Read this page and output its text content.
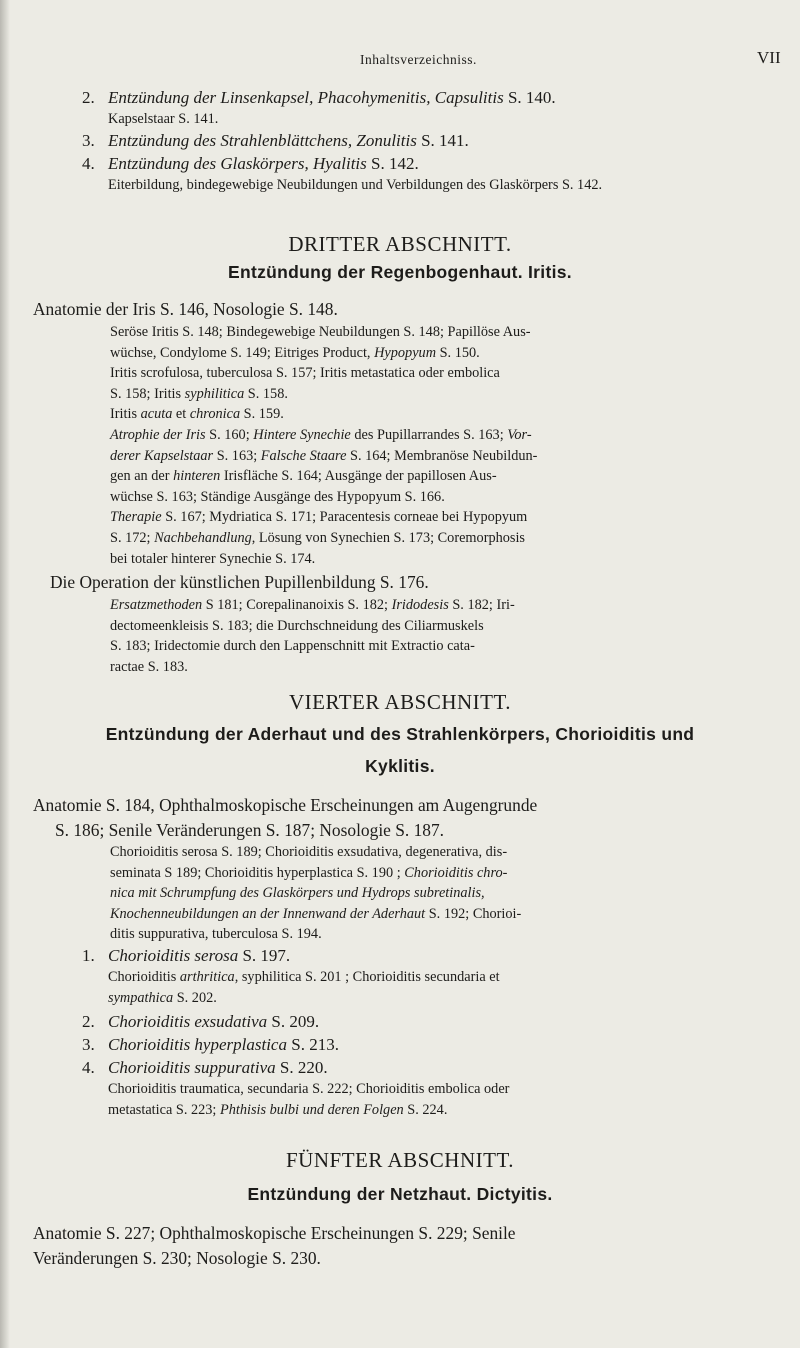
Inhaltsverzeichniss.	VII
2. Entzündung der Linsenkapsel, Phacohymenitis, Capsulitis S. 140.
Kapselstaar S. 141.
3. Entzündung des Strahlenblättchens, Zonulitis S. 141.
4. Entzündung des Glaskörpers, Hyalitis S. 142.
Eiterbildung, bindegewebige Neubildungen und Verbildungen des Glaskörpers S. 142.
DRITTER ABSCHNITT.
Entzündung der Regenbogenhaut. Iritis.
Anatomie der Iris S. 146, Nosologie S. 148.
Seröse Iritis S. 148; Bindegewebige Neubildungen S. 148; Papillöse Aus-
wüchse, Condylome S. 149; Eitriges Product, Hypopyum S. 150.
Iritis scrofulosa, tuberculosa S. 157; Iritis metastatica oder embolica
S. 158; Iritis syphilitica S. 158.
Iritis acuta et chronica S. 159.
Atrophie der Iris S. 160; Hintere Synechie des Pupillarrandes S. 163; Vor-
derer Kapselstaar S. 163; Falsche Staare S. 164; Membranöse Neubildun-
gen an der hinteren Irisfläche S. 164; Ausgänge der papillosen Aus-
wüchse S. 163; Ständige Ausgänge des Hypopyum S. 166.
Therapie S. 167; Mydriatica S. 171; Paracentesis corneae bei Hypopyum
S. 172; Nachbehandlung, Lösung von Synechien S. 173; Coremorphosis
bei totaler hinterer Synechie S. 174.
Die Operation der künstlichen Pupillenbildung S. 176.
Ersatzmethoden S 181; Corepalinanoixis S. 182; Iridodesis S. 182; Iri-
dectomeenkleisis S. 183; die Durchschneidung des Ciliarmuskels
S. 183; Iridectomie durch den Lappenschnitt mit Extractio cata-
ractae S. 183.
VIERTER ABSCHNITT.
Entzündung der Aderhaut und des Strahlenkörpers, Chorioiditis und
Kyklitis.
Anatomie S. 184, Ophthalmoskopische Erscheinungen am Augengrunde
S. 186; Senile Veränderungen S. 187; Nosologie S. 187.
Chorioiditis serosa S. 189; Chorioiditis exsudativa, degenerativa, dis-
seminata S 189; Chorioiditis hyperplastica S. 190 ; Chorioiditis chro-
nica mit Schrumpfung des Glaskörpers und Hydrops subretinalis,
Knochenneubildungen an der Innenwand der Aderhaut S. 192; Chorioi-
ditis suppurativa, tuberculosa S. 194.
1. Chorioiditis serosa S. 197.
Chorioiditis arthritica, syphilitica S. 201 ; Chorioiditis secundaria et
sympathica S. 202.
2. Chorioiditis exsudativa S. 209.
3. Chorioiditis hyperplastica S. 213.
4. Chorioiditis suppurativa S. 220.
Chorioiditis traumatica, secundaria S. 222; Chorioiditis embolica oder
metastatica S. 223; Phthisis bulbi und deren Folgen S. 224.
FÜNFTER ABSCHNITT.
Entzündung der Netzhaut. Dictyitis.
Anatomie S. 227; Ophthalmoskopische Erscheinungen S. 229; Senile
Veränderungen S. 230; Nosologie S. 230.
